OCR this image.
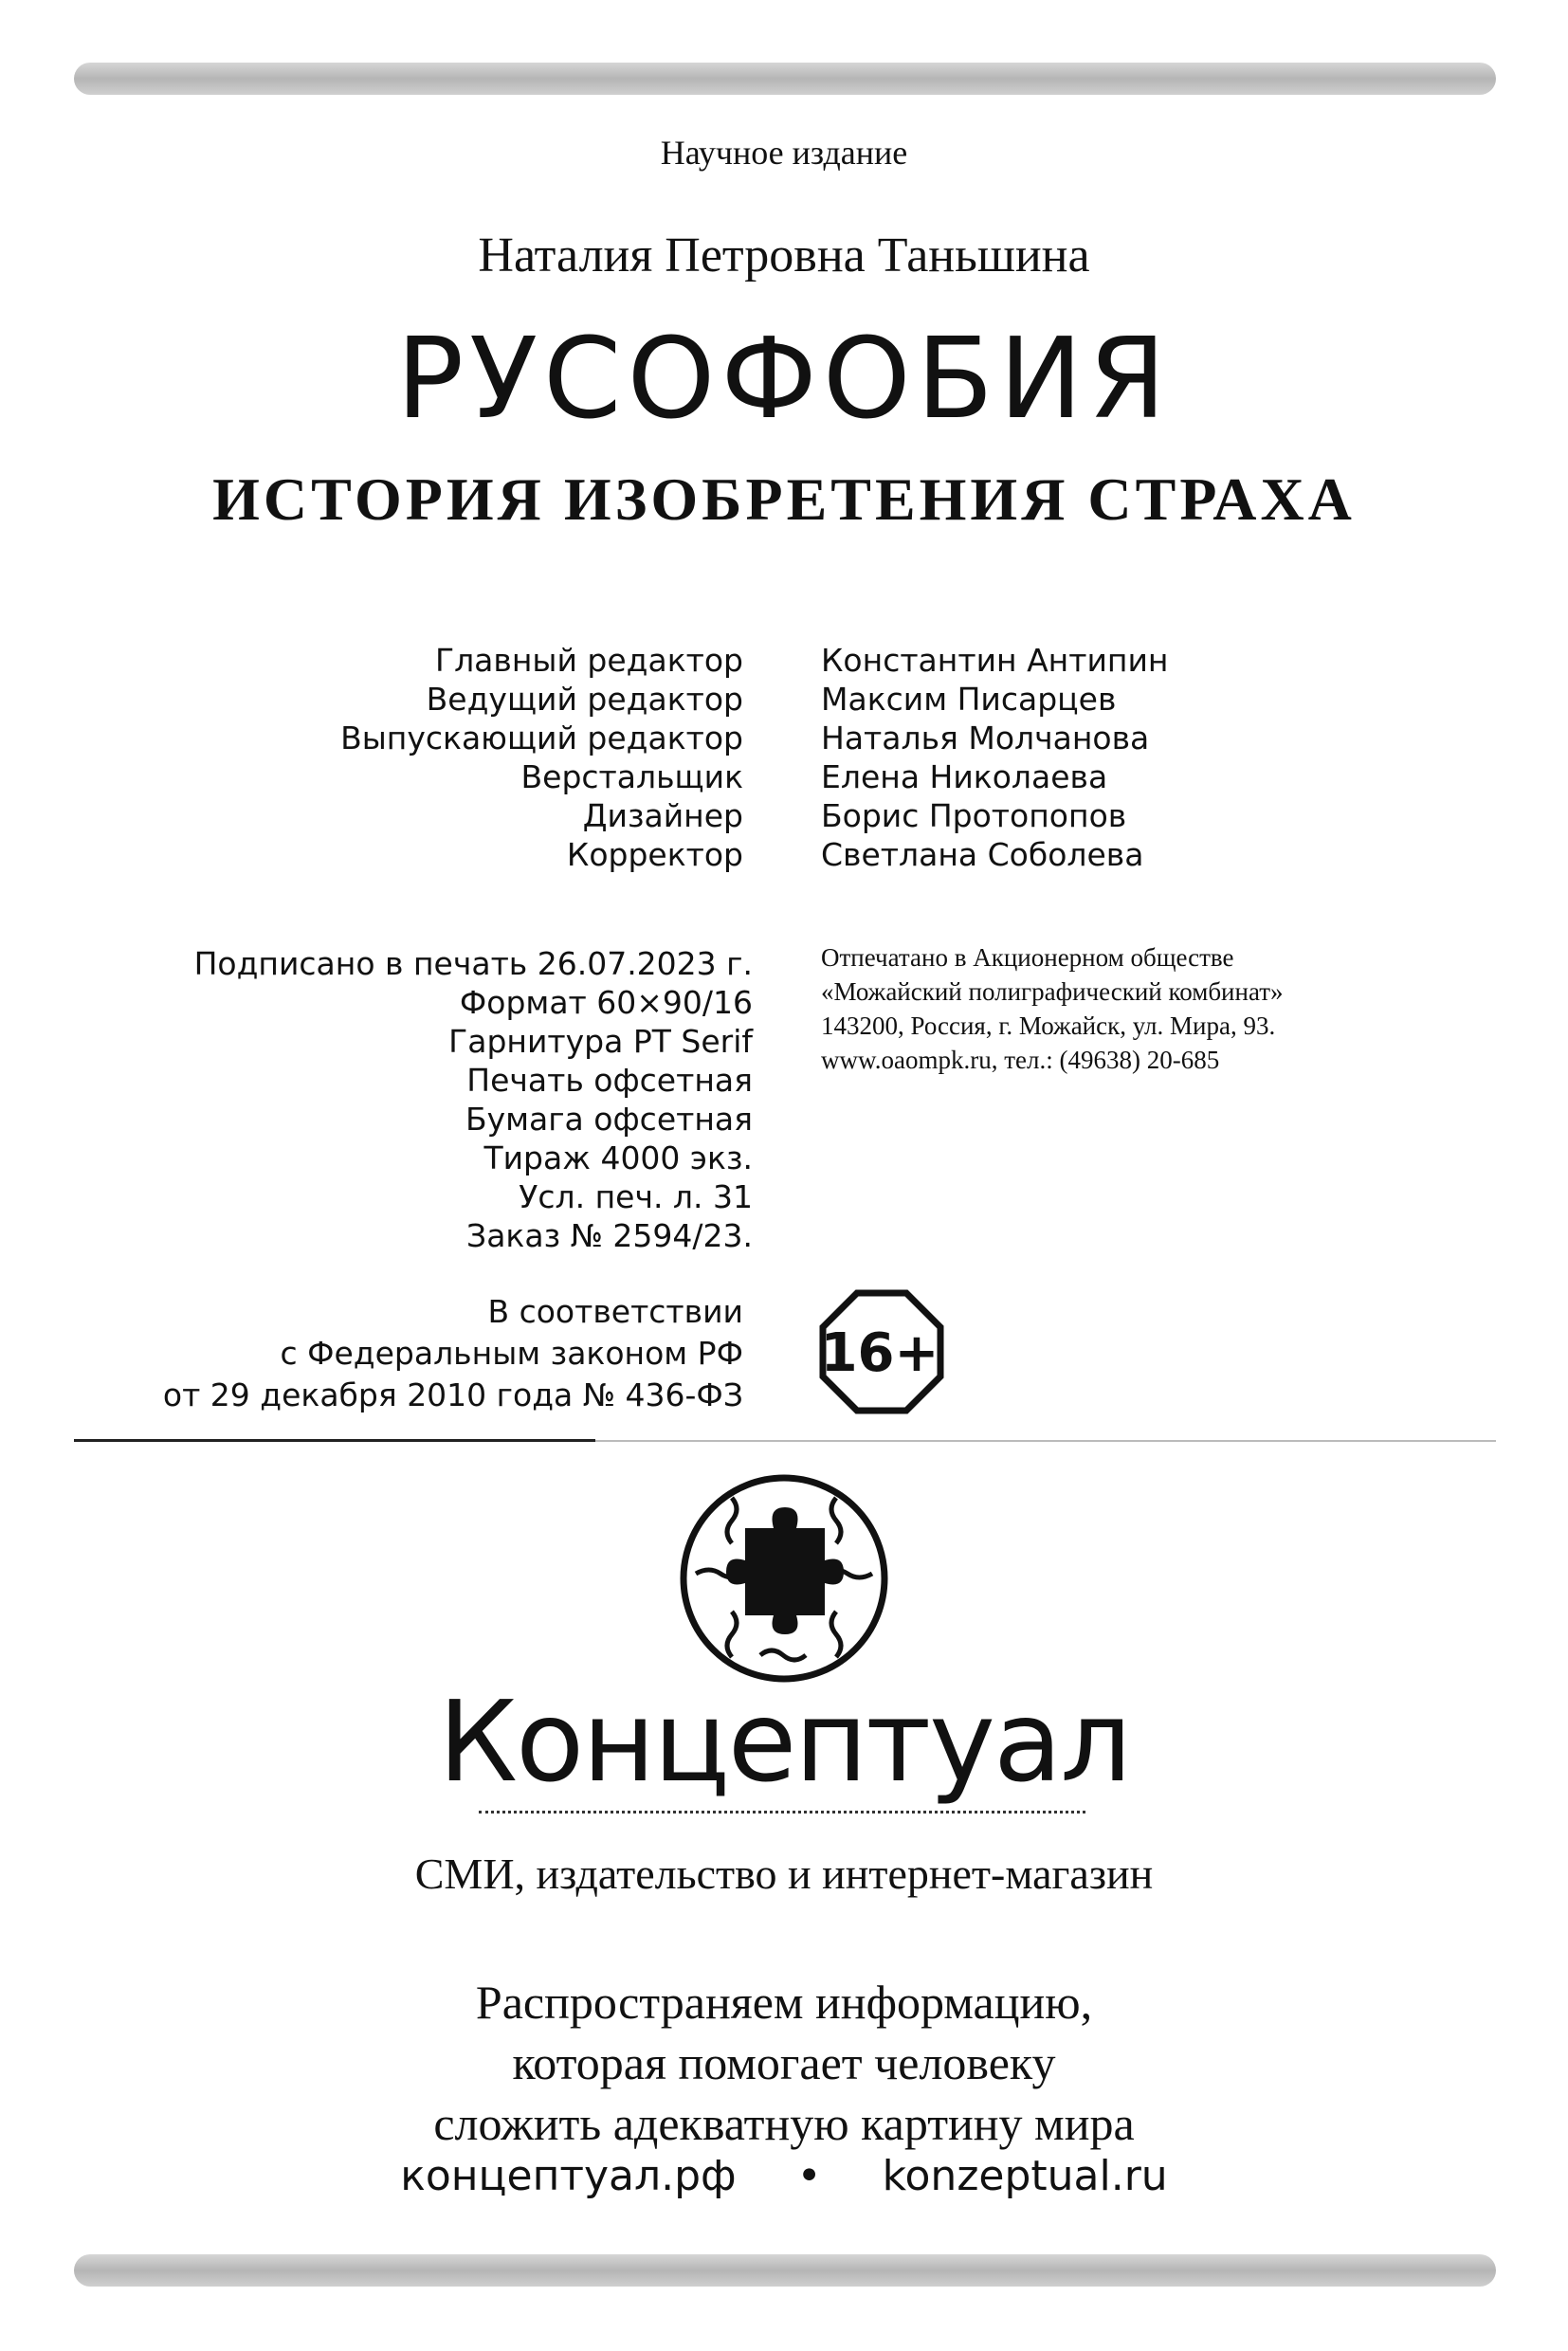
Научное издание
Наталия Петровна Таньшина
РУСОФОБИЯ
ИСТОРИЯ ИЗОБРЕТЕНИЯ СТРАХА
Главный редактор
Ведущий редактор
Выпускающий редактор
Верстальщик
Дизайнер
Корректор
Константин Антипин
Максим Писарцев
Наталья Молчанова
Елена Николаева
Борис Протопопов
Светлана Соболева
Подписано в печать 26.07.2023 г.
Формат 60×90/16
Гарнитура PT Serif
Печать офсетная
Бумага офсетная
Тираж 4000 экз.
Усл. печ. л. 31
Заказ № 2594/23.
Отпечатано в Акционерном обществе
«Можайский полиграфический комбинат»
143200, Россия, г. Можайск, ул. Мира, 93.
www.oaompk.ru, тел.: (49638) 20-685
В соответствии
с Федеральным законом РФ
от 29 декабря 2010 года № 436-ФЗ
16+
Концептуал
СМИ, издательство и интернет-магазин
Распространяем информацию,
которая помогает человеку
сложить адекватную картину мира
концептуал.рф • konzeptual.ru
